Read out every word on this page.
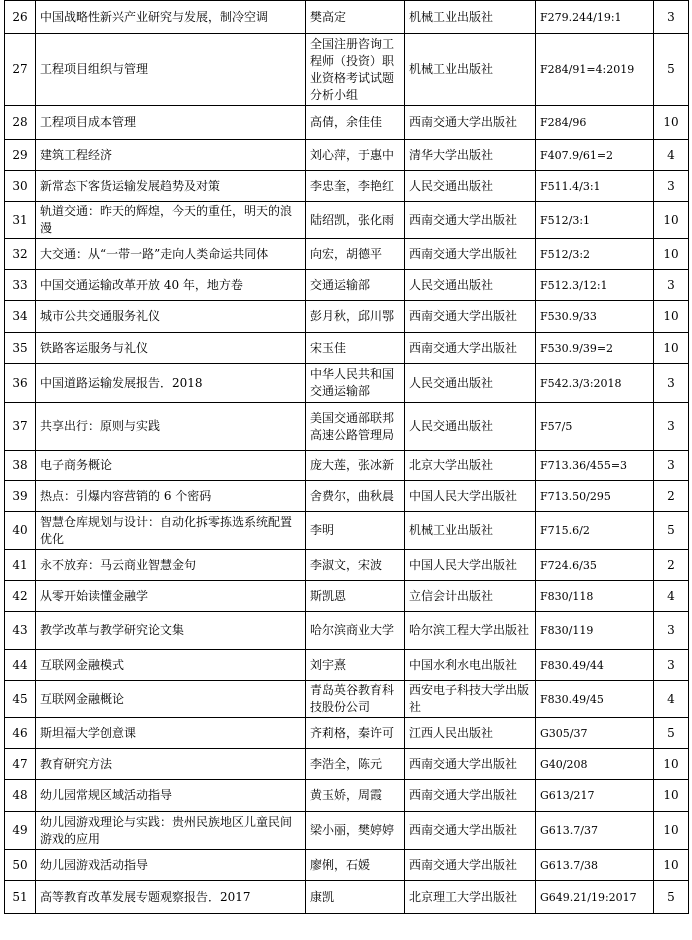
26	中国战略性新兴产业研究与发展，制冷空调	樊高定	机械工业出版社	F279.244/19:1	3
27	工程项目组织与管理	全国注册咨询工程师（投资）职业资格考试试题分析小组	机械工业出版社	F284/91=4:2019	5
28	工程项目成本管理	高倩，余佳佳	西南交通大学出版社	F284/96	10
29	建筑工程经济	刘心萍，于惠中	清华大学出版社	F407.9/61=2	4
30	新常态下客货运输发展趋势及对策	李忠奎，李艳红	人民交通出版社	F511.4/3:1	3
31	轨道交通：昨天的辉煌，今天的重任，明天的浪漫	陆绍凯，张化雨	西南交通大学出版社	F512/3:1	10
32	大交通：从“一带一路”走向人类命运共同体	向宏，胡德平	西南交通大学出版社	F512/3:2	10
33	中国交通运输改革开放 40 年，地方卷	交通运输部	人民交通出版社	F512.3/12:1	3
34	城市公共交通服务礼仪	彭月秋，邱川鄂	西南交通大学出版社	F530.9/33	10
35	铁路客运服务与礼仪	宋玉佳	西南交通大学出版社	F530.9/39=2	10
36	中国道路运输发展报告．2018	中华人民共和国交通运输部	人民交通出版社	F542.3/3:2018	3
37	共享出行：原则与实践	美国交通部联邦高速公路管理局	人民交通出版社	F57/5	3
38	电子商务概论	庞大莲，张冰新	北京大学出版社	F713.36/455=3	3
39	热点：引爆内容营销的 6 个密码	舍费尔，曲秋晨	中国人民大学出版社	F713.50/295	2
40	智慧仓库规划与设计：自动化拆零拣选系统配置优化	李明	机械工业出版社	F715.6/2	5
41	永不放弃：马云商业智慧金句	李淑文，宋波	中国人民大学出版社	F724.6/35	2
42	从零开始读懂金融学	斯凯恩	立信会计出版社	F830/118	4
43	教学改革与教学研究论文集	哈尔滨商业大学	哈尔滨工程大学出版社	F830/119	3
44	互联网金融模式	刘宇熹	中国水利水电出版社	F830.49/44	3
45	互联网金融概论	青岛英谷教育科技股份公司	西安电子科技大学出版社	F830.49/45	4
46	斯坦福大学创意课	齐莉格，秦许可	江西人民出版社	G305/37	5
47	教育研究方法	李浩全，陈元	西南交通大学出版社	G40/208	10
48	幼儿园常规区域活动指导	黄玉娇，周霞	西南交通大学出版社	G613/217	10
49	幼儿园游戏理论与实践：贵州民族地区儿童民间游戏的应用	梁小丽，樊婷婷	西南交通大学出版社	G613.7/37	10
50	幼儿园游戏活动指导	廖俐，石媛	西南交通大学出版社	G613.7/38	10
51	高等教育改革发展专题观察报告．2017	康凯	北京理工大学出版社	G649.21/19:2017	5
